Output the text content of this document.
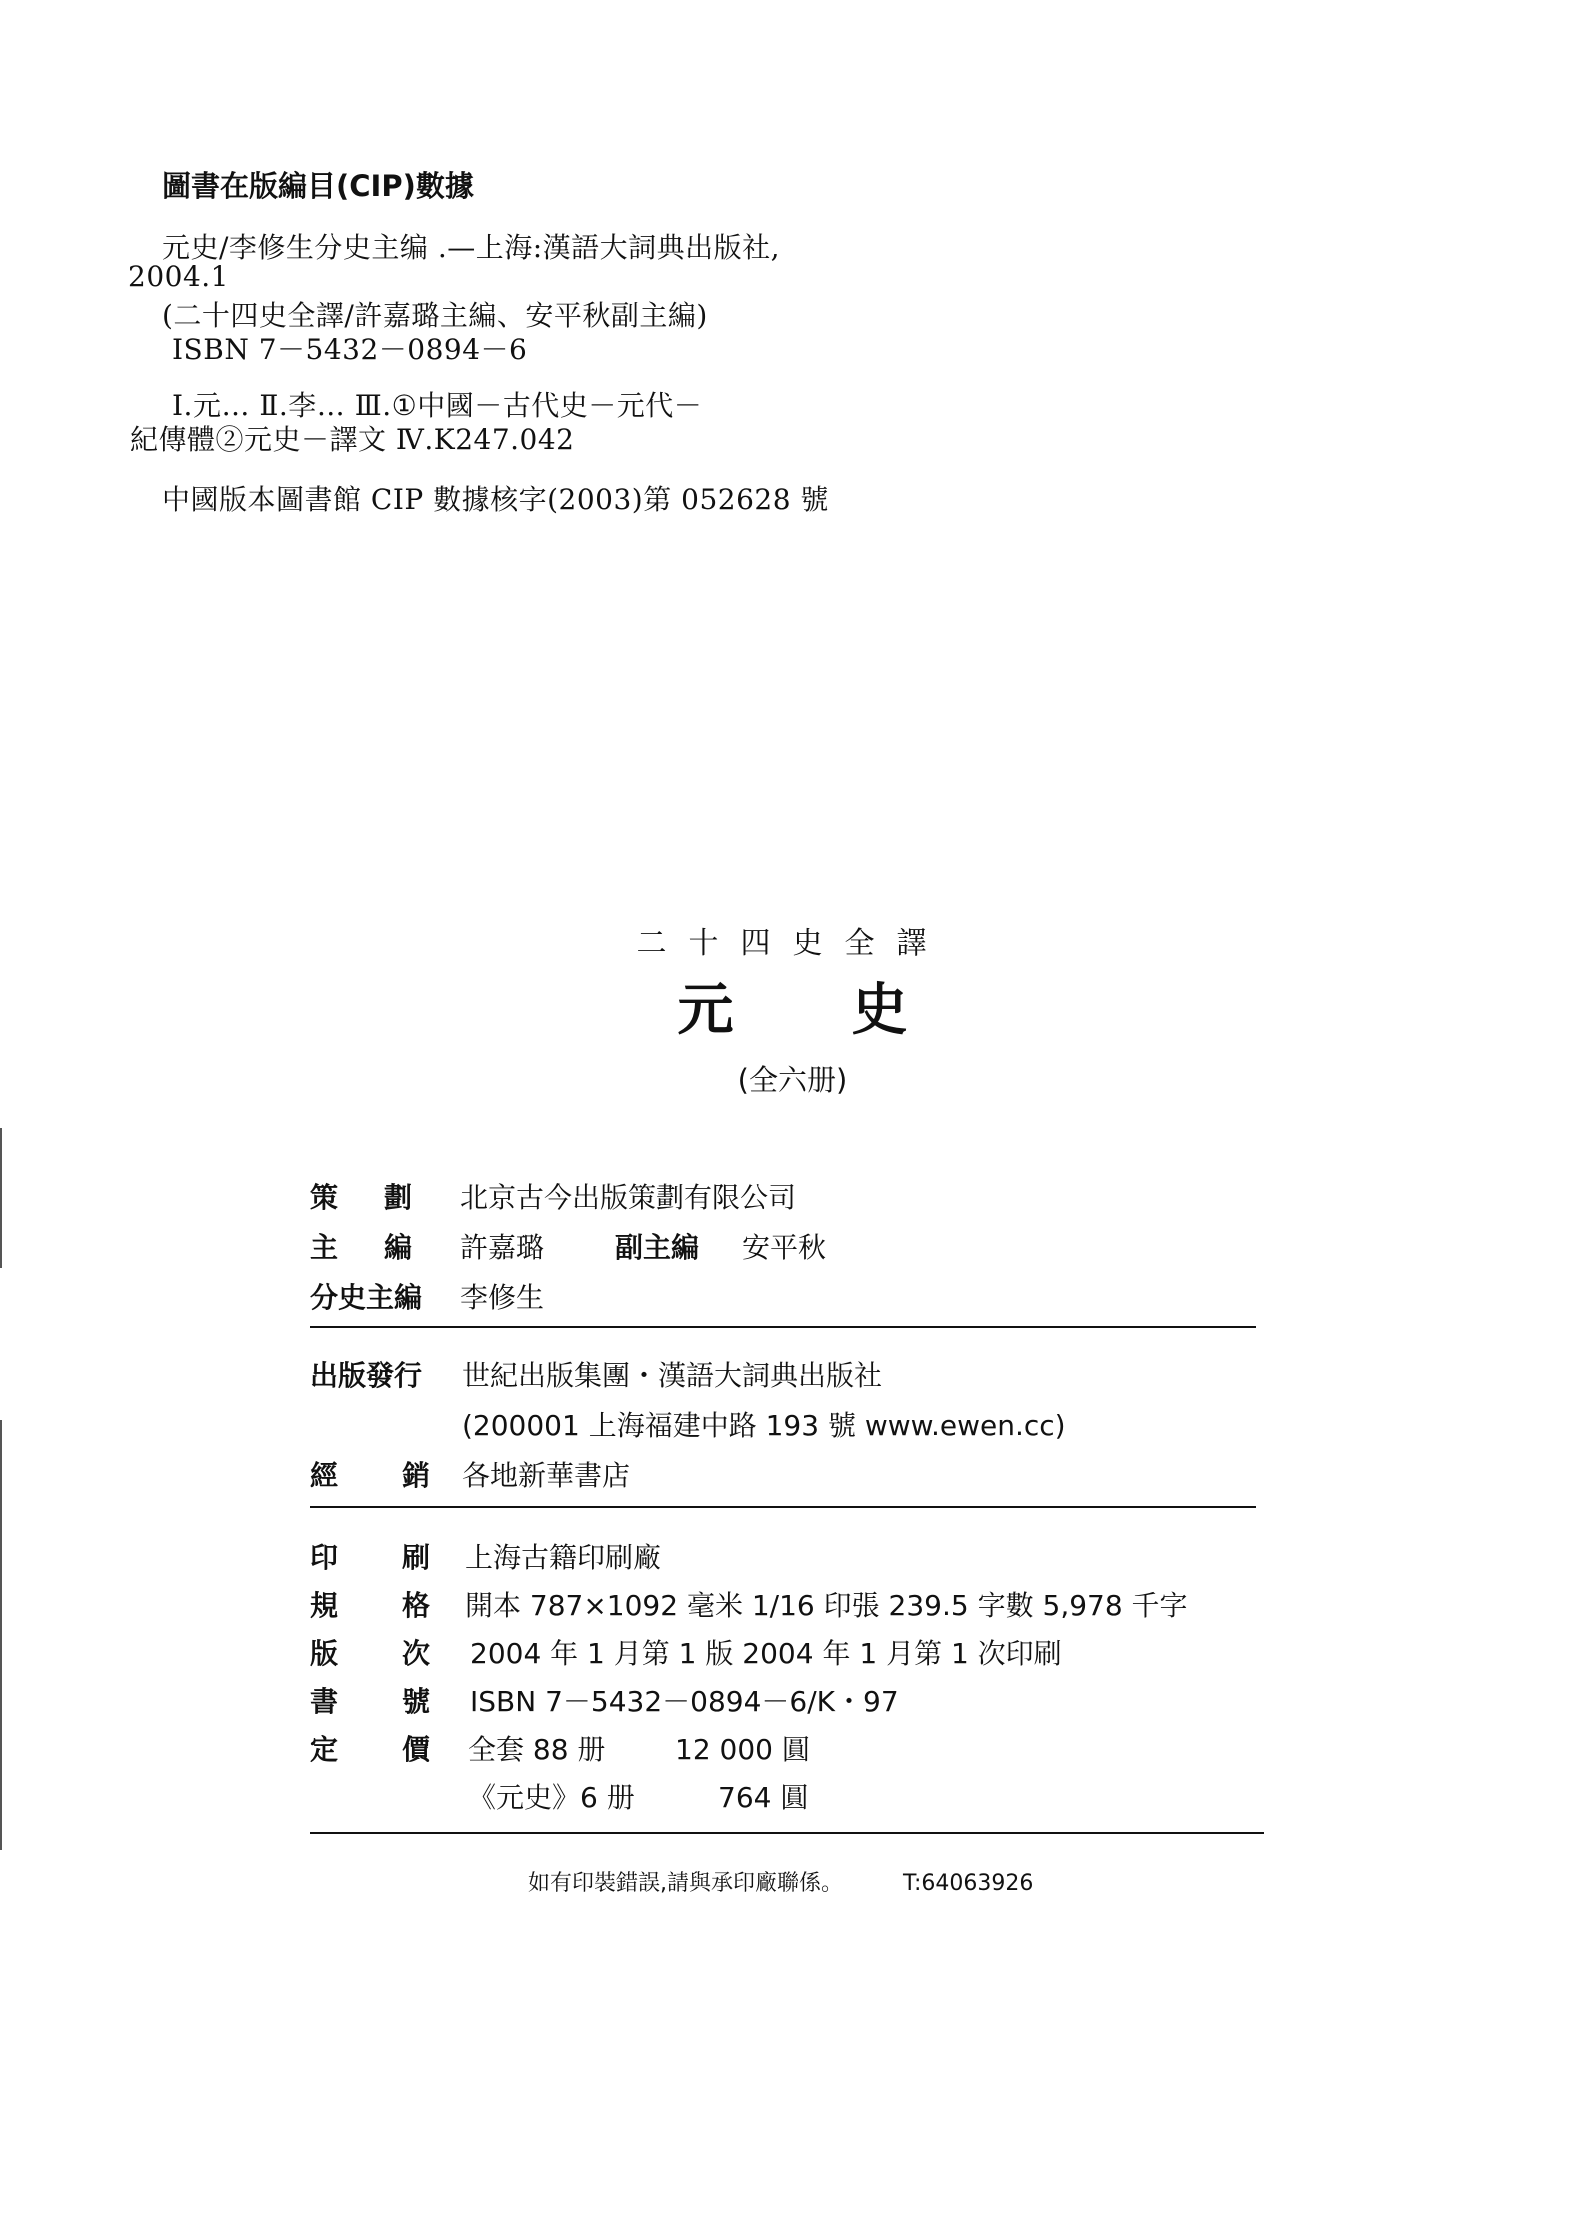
圖書在版編目(CIP)數據
元史/李修生分史主编 .—上海:漢語大詞典出版社,
2004.1
(二十四史全譯/許嘉璐主編、安平秋副主編)
ISBN 7－5432－0894－6
Ⅰ.元… Ⅱ.李… Ⅲ.①中國－古代史－元代－
紀傳體②元史－譯文 Ⅳ.K247.042
中國版本圖書館 CIP 數據核字(2003)第 052628 號
二十四史全譯
元史
(全六册)
策 劃 北京古今出版策劃有限公司
主 編 許嘉璐	副主編 安平秋
分史主編 李修生
出版發行 世紀出版集團・漢語大詞典出版社
(200001 上海福建中路 193 號 www.ewen.cc)
經 銷 各地新華書店
印 刷 上海古籍印刷廠
規 格 開本 787×1092 毫米 1/16 印張 239.5 字數 5,978 千字
版 次 2004 年 1 月第 1 版 2004 年 1 月第 1 次印刷
書 號 ISBN 7－5432－0894－6/K・97
定 價 全套 88 册 12 000 圓
《元史》6 册	764 圓
如有印裝錯誤,請與承印廠聯係。	T:64063926
